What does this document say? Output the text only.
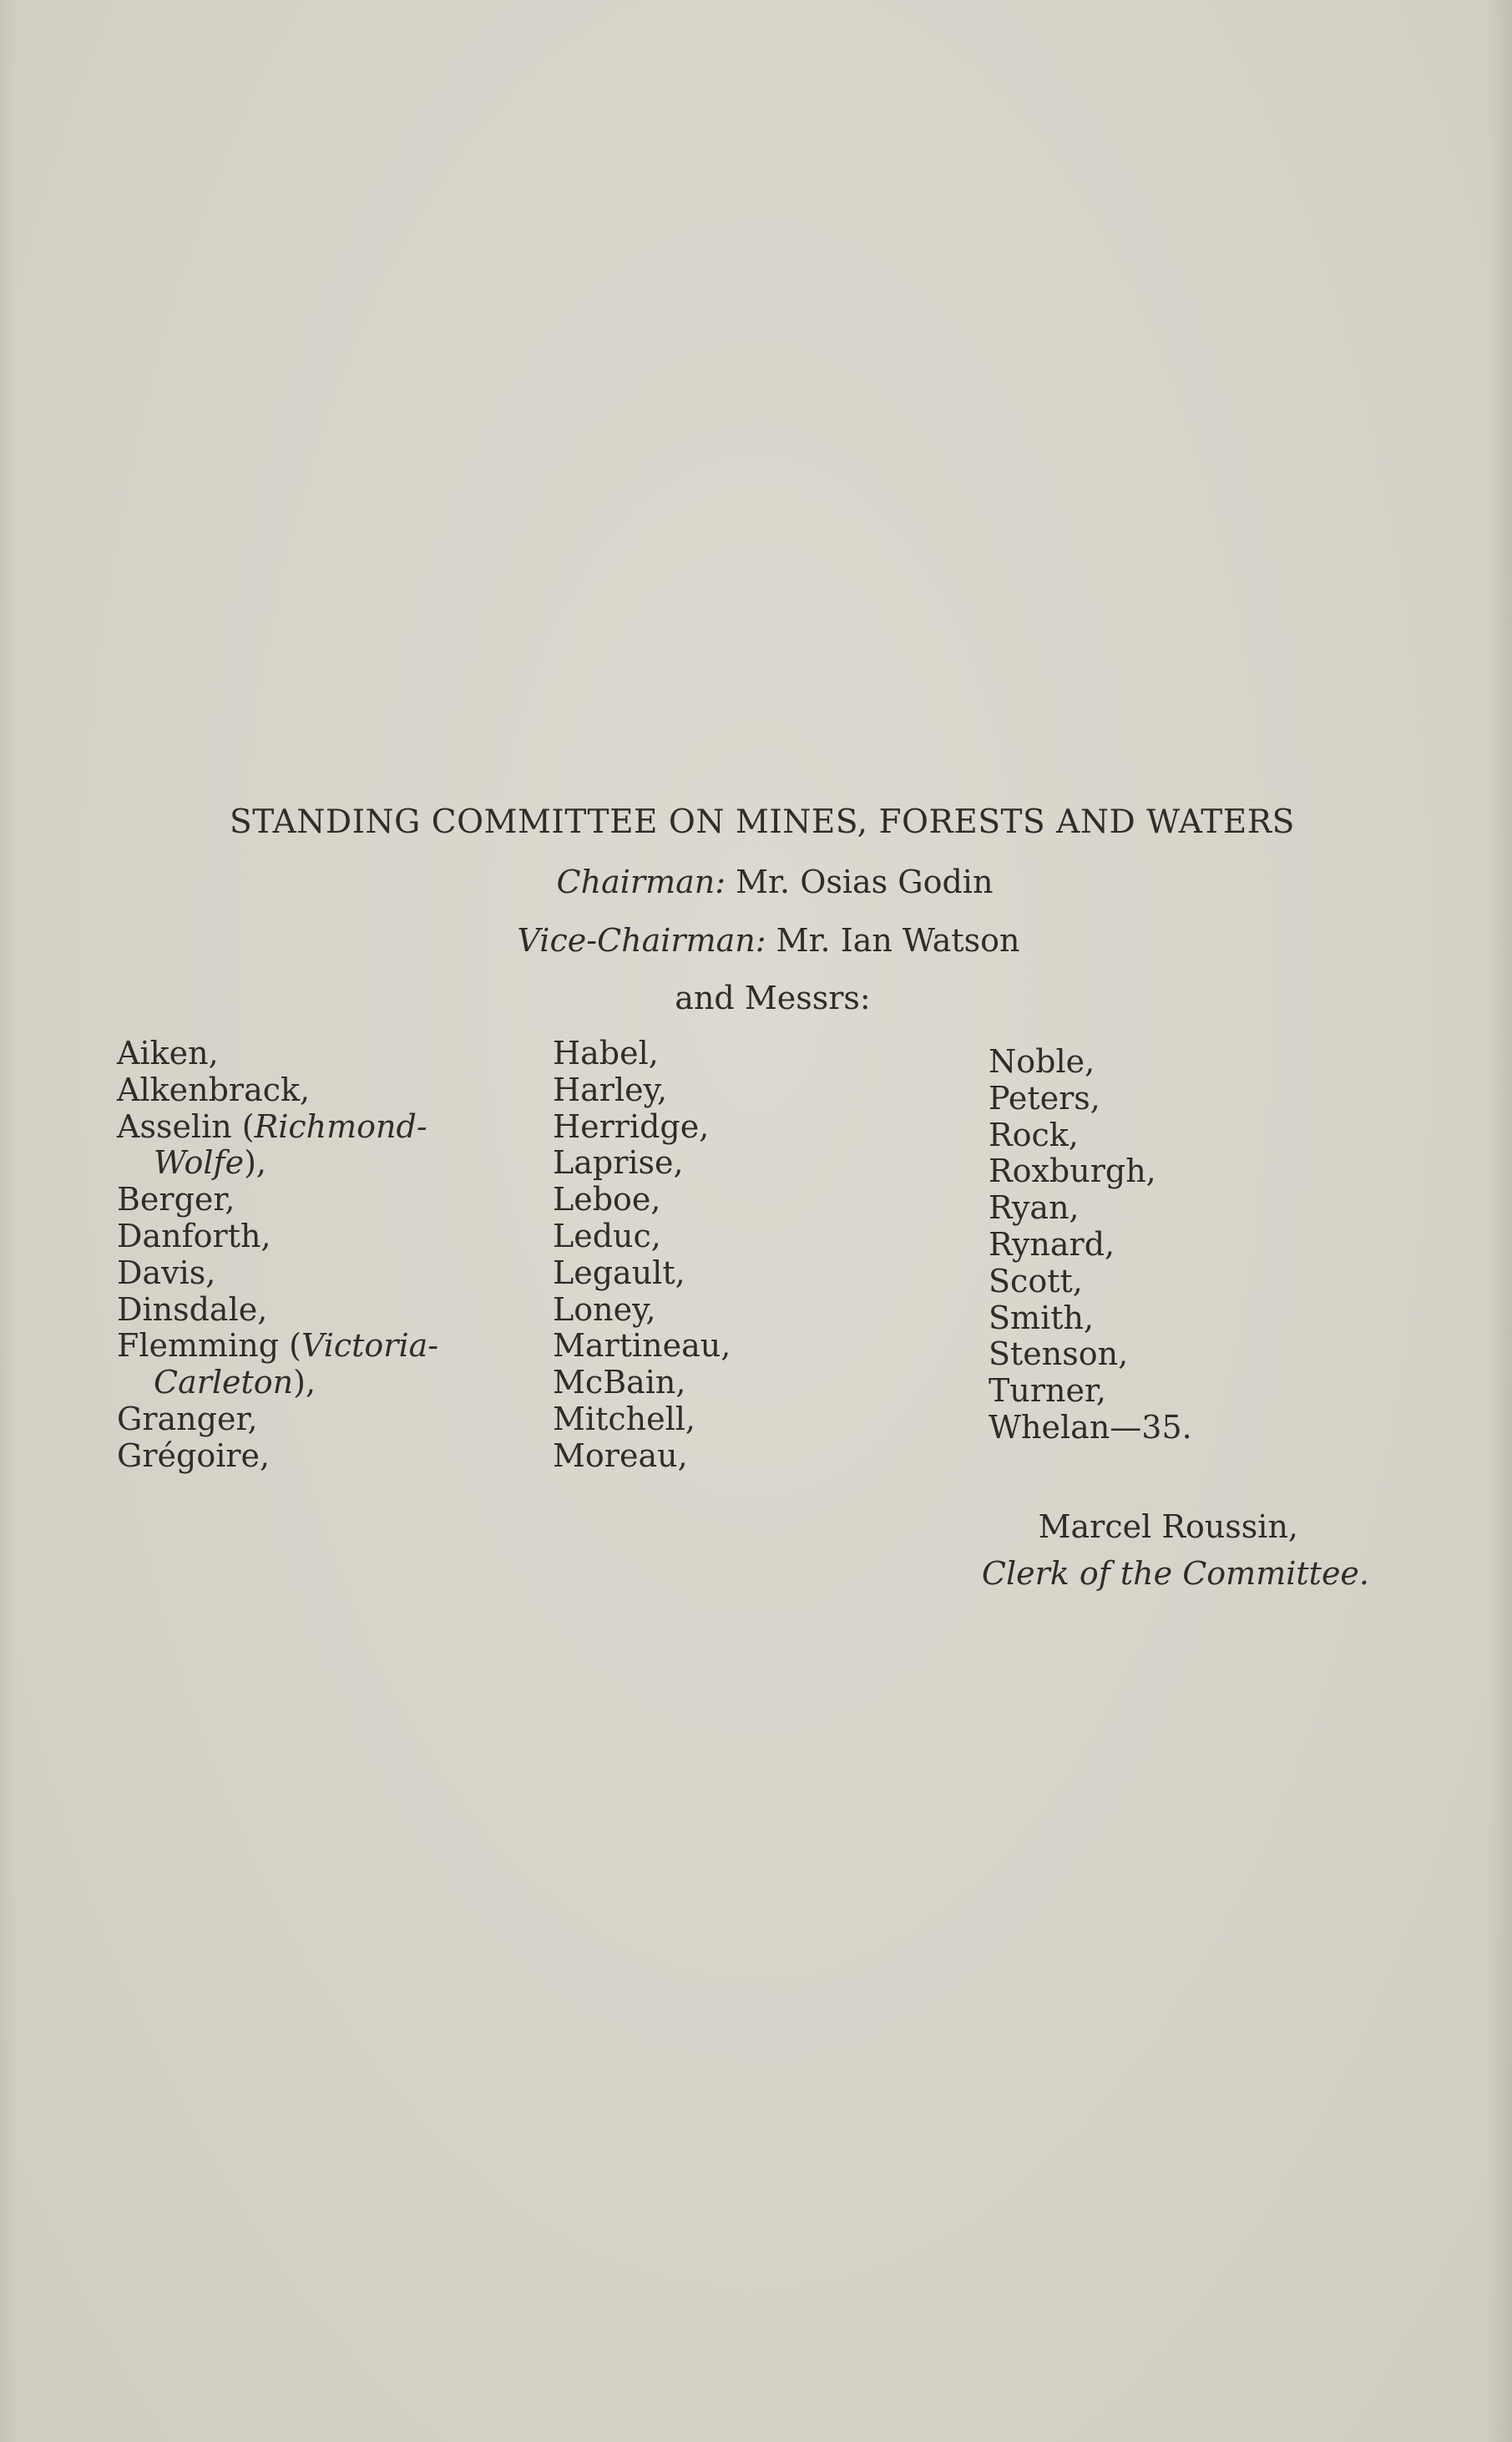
STANDING COMMITTEE ON MINES, FORESTS AND WATERS
Chairman: Mr. Osias Godin
Vice-Chairman: Mr. Ian Watson
and Messrs:
Aiken,
Alkenbrack,
Asselin (Richmond-
Wolfe),
Berger,
Danforth,
Davis,
Dinsdale,
Flemming (Victoria-
Carleton),
Granger,
Grégoire,
Habel,
Harley,
Herridge,
Laprise,
Leboe,
Leduc,
Legault,
Loney,
Martineau,
McBain,
Mitchell,
Moreau,
Noble,
Peters,
Rock,
Roxburgh,
Ryan,
Rynard,
Scott,
Smith,
Stenson,
Turner,
Whelan—35.
Marcel Roussin,
Clerk of the Committee.
